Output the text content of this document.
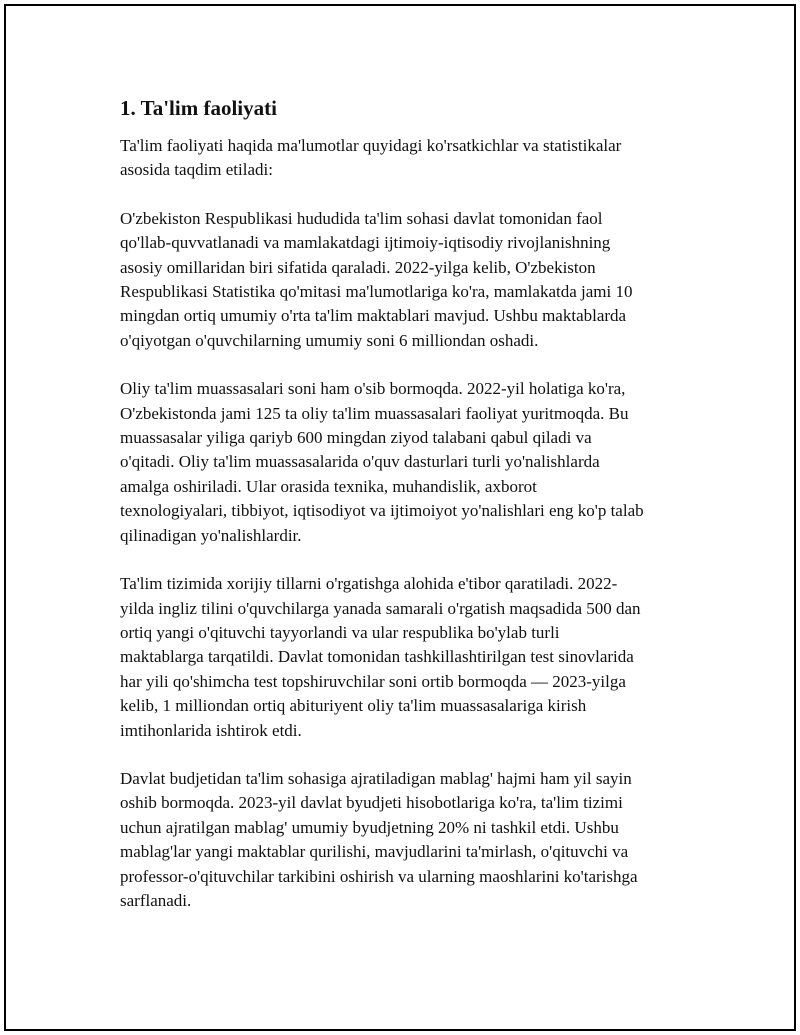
1. Ta'lim faoliyati

Ta'lim faoliyati haqida ma'lumotlar quyidagi ko'rsatkichlar va statistikalar
asosida taqdim etiladi:

O'zbekiston Respublikasi hududida ta'lim sohasi davlat tomonidan faol
qo'llab-quvvatlanadi va mamlakatdagi ijtimoiy-iqtisodiy rivojlanishning
asosiy omillaridan biri sifatida qaraladi. 2022-yilga kelib, O'zbekiston
Respublikasi Statistika qo'mitasi ma'lumotlariga ko'ra, mamlakatda jami 10
mingdan ortiq umumiy o'rta ta'lim maktablari mavjud. Ushbu maktablarda
o'qiyotgan o'quvchilarning umumiy soni 6 milliondan oshadi.

Oliy ta'lim muassasalari soni ham o'sib bormoqda. 2022-yil holatiga ko'ra,
O'zbekistonda jami 125 ta oliy ta'lim muassasalari faoliyat yuritmoqda. Bu
muassasalar yiliga qariyb 600 mingdan ziyod talabani qabul qiladi va
o'qitadi. Oliy ta'lim muassasalarida o'quv dasturlari turli yo'nalishlarda
amalga oshiriladi. Ular orasida texnika, muhandislik, axborot
texnologiyalari, tibbiyot, iqtisodiyot va ijtimoiyot yo'nalishlari eng ko'p talab
qilinadigan yo'nalishlardir.

Ta'lim tizimida xorijiy tillarni o'rgatishga alohida e'tibor qaratiladi. 2022-
yilda ingliz tilini o'quvchilarga yanada samarali o'rgatish maqsadida 500 dan
ortiq yangi o'qituvchi tayyorlandi va ular respublika bo'ylab turli
maktablarga tarqatildi. Davlat tomonidan tashkillashtirilgan test sinovlarida
har yili qo'shimcha test topshiruvchilar soni ortib bormoqda — 2023-yilga
kelib, 1 milliondan ortiq abituriyent oliy ta'lim muassasalariga kirish
imtihonlarida ishtirok etdi.

Davlat budjetidan ta'lim sohasiga ajratiladigan mablag' hajmi ham yil sayin
oshib bormoqda. 2023-yil davlat byudjeti hisobotlariga ko'ra, ta'lim tizimi
uchun ajratilgan mablag' umumiy byudjetning 20% ni tashkil etdi. Ushbu
mablag'lar yangi maktablar qurilishi, mavjudlarini ta'mirlash, o'qituvchi va
professor-o'qituvchilar tarkibini oshirish va ularning maoshlarini ko'tarishga
sarflanadi.
